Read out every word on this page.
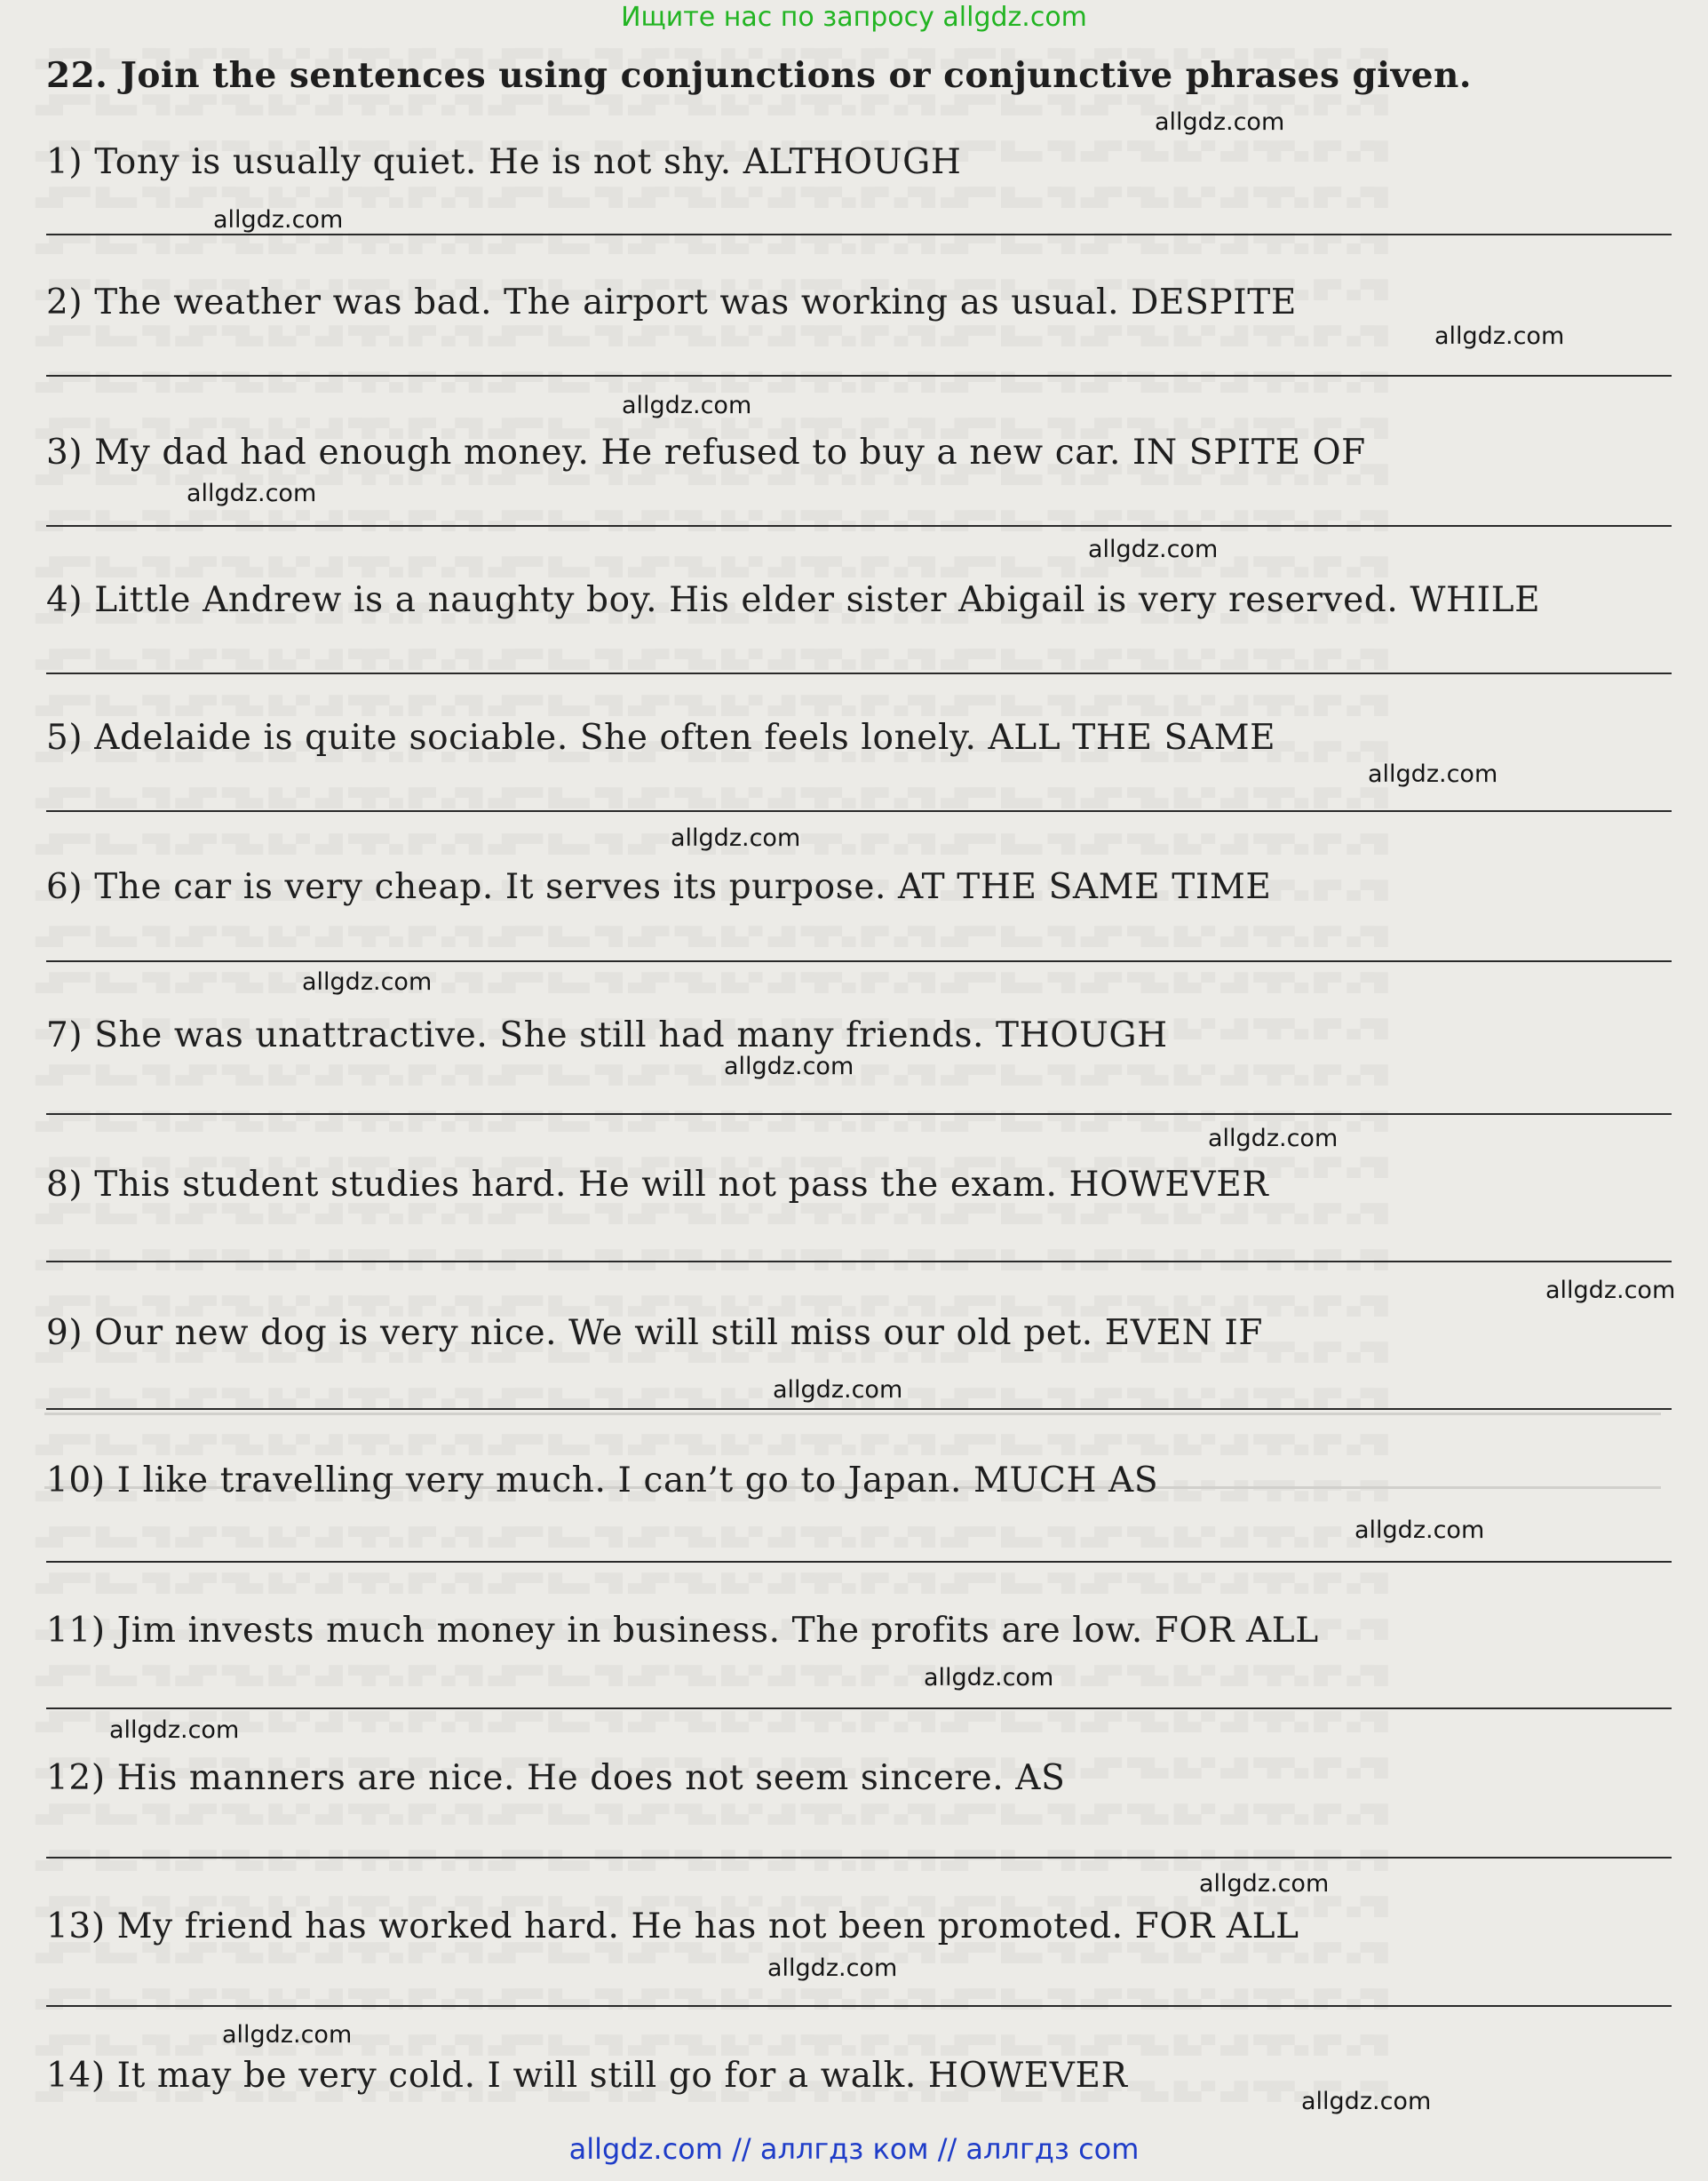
Ищите нас по запросу allgdz.com
22. Join the sentences using conjunctions or conjunctive phrases given.
1) Tony is usually quiet. He is not shy. ALTHOUGH
2) The weather was bad. The airport was working as usual. DESPITE
3) My dad had enough money. He refused to buy a new car. IN SPITE OF
4) Little Andrew is a naughty boy. His elder sister Abigail is very reserved. WHILE
5) Adelaide is quite sociable. She often feels lonely. ALL THE SAME
6) The car is very cheap. It serves its purpose. AT THE SAME TIME
7) She was unattractive. She still had many friends. THOUGH
8) This student studies hard. He will not pass the exam. HOWEVER
9) Our new dog is very nice. We will still miss our old pet. EVEN IF
10) I like travelling very much. I can’t go to Japan. MUCH AS
11) Jim invests much money in business. The profits are low. FOR ALL
12) His manners are nice. He does not seem sincere. AS
13) My friend has worked hard. He has not been promoted. FOR ALL
14) It may be very cold. I will still go for a walk. HOWEVER
allgdz.com
allgdz.com
allgdz.com
allgdz.com
allgdz.com
allgdz.com
allgdz.com
allgdz.com
allgdz.com
allgdz.com
allgdz.com
allgdz.com
allgdz.com
allgdz.com
allgdz.com
allgdz.com
allgdz.com
allgdz.com
allgdz.com
allgdz.com
allgdz.com // аллгдз ком // аллгдз com
